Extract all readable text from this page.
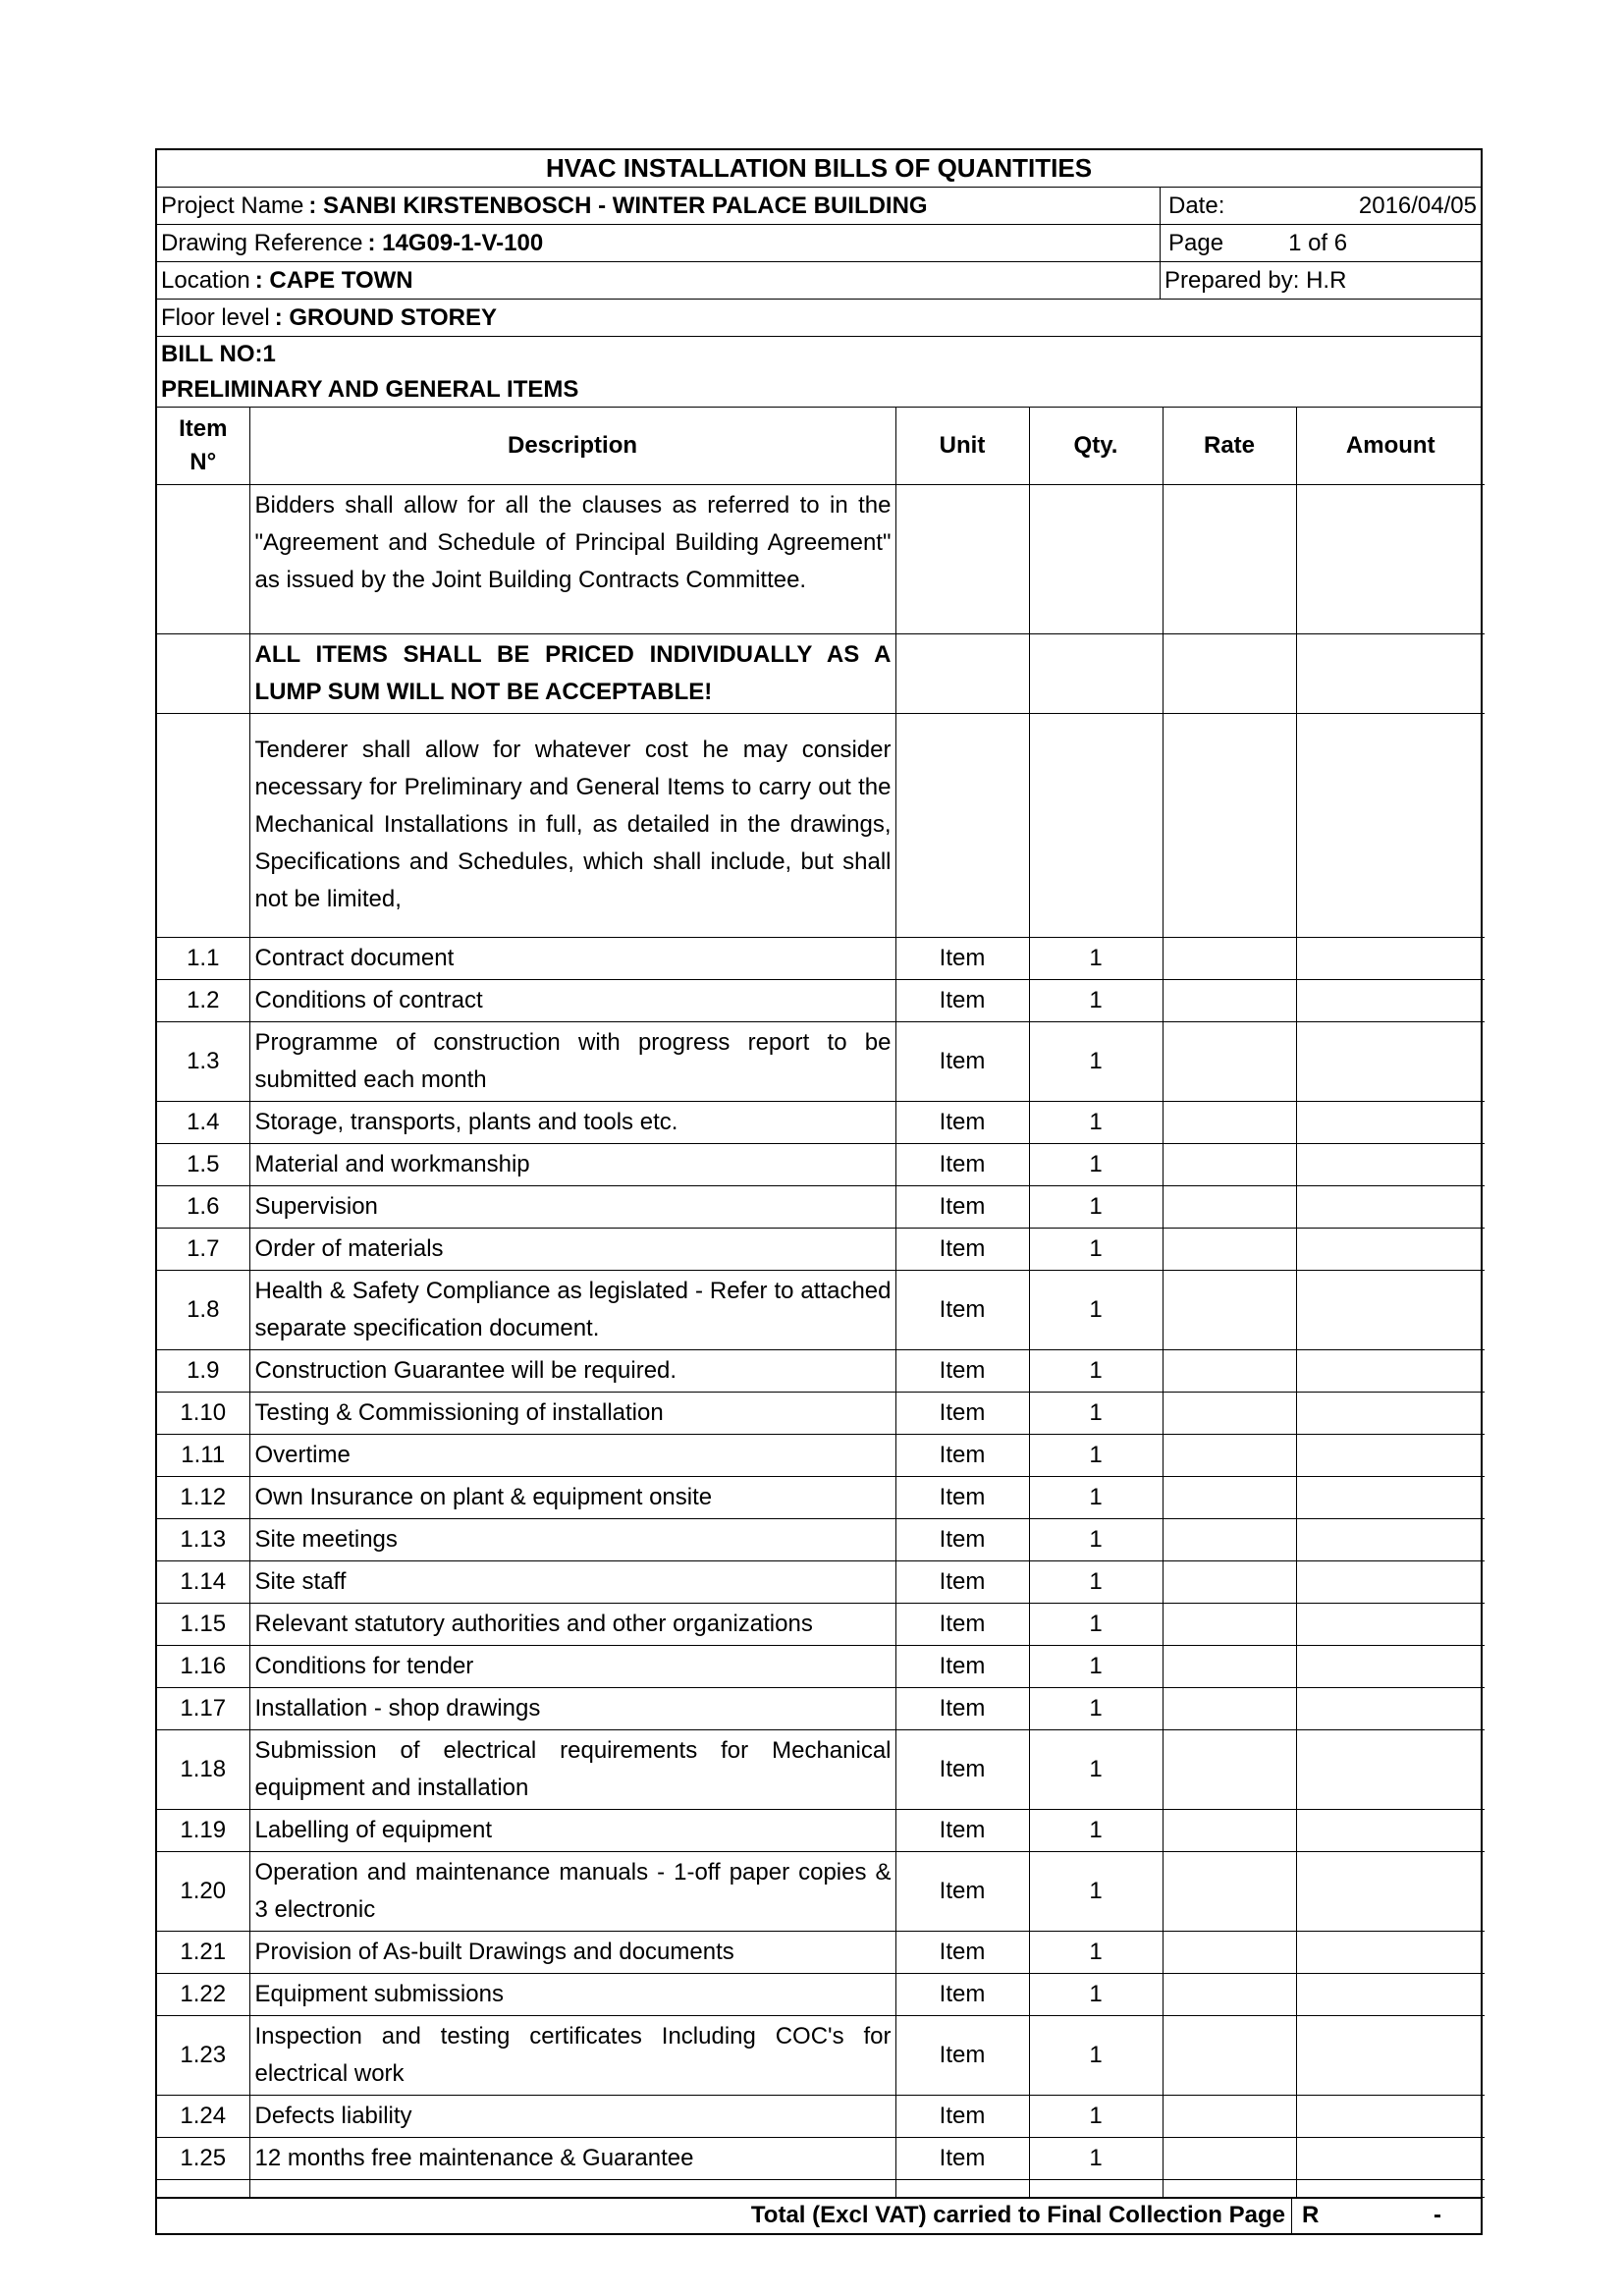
HVAC INSTALLATION BILLS OF QUANTITIES
Project Name : SANBI KIRSTENBOSCH - WINTER PALACE BUILDING	Date:	2016/04/05
Drawing Reference : 14G09-1-V-100	Page	1 of 6
Location : CAPE TOWN	Prepared by: H.R
Floor level : GROUND STOREY
BILL NO:1
PRELIMINARY AND GENERAL ITEMS
Item
N°	Description	Unit	Qty.	Rate	Amount
	Bidders shall allow for all the clauses as referred to in the "Agreement and Schedule of Principal Building Agreement" as issued by the Joint Building Contracts Committee.				
	ALL ITEMS SHALL BE PRICED INDIVIDUALLY AS A LUMP SUM WILL NOT BE ACCEPTABLE!				
	Tenderer shall allow for whatever cost he may consider necessary for Preliminary and General Items to carry out the Mechanical Installations in full, as detailed in the drawings, Specifications and Schedules, which shall include, but shall not be limited,				
1.1	Contract document	Item	1		
1.2	Conditions of contract	Item	1		
1.3	Programme of construction with progress report to be submitted each month	Item	1		
1.4	Storage, transports, plants and tools etc.	Item	1		
1.5	Material and workmanship	Item	1		
1.6	Supervision	Item	1		
1.7	Order of materials	Item	1		
1.8	Health & Safety Compliance as legislated - Refer to attached separate specification document.	Item	1		
1.9	Construction Guarantee will be required.	Item	1		
1.10	Testing & Commissioning of installation	Item	1		
1.11	Overtime	Item	1		
1.12	Own Insurance on plant & equipment onsite	Item	1		
1.13	Site meetings	Item	1		
1.14	Site staff	Item	1		
1.15	Relevant statutory authorities and other organizations	Item	1		
1.16	Conditions for tender	Item	1		
1.17	Installation - shop drawings	Item	1		
1.18	Submission of electrical requirements for Mechanical equipment and installation	Item	1		
1.19	Labelling of equipment	Item	1		
1.20	Operation and maintenance manuals - 1-off paper copies & 3 electronic	Item	1		
1.21	Provision of As-built Drawings and documents	Item	1		
1.22	Equipment submissions	Item	1		
1.23	Inspection and testing certificates Including COC's for electrical work	Item	1		
1.24	Defects liability	Item	1		
1.25	12 months free maintenance & Guarantee	Item	1		

Total (Excl VAT) carried to Final Collection Page R	-
